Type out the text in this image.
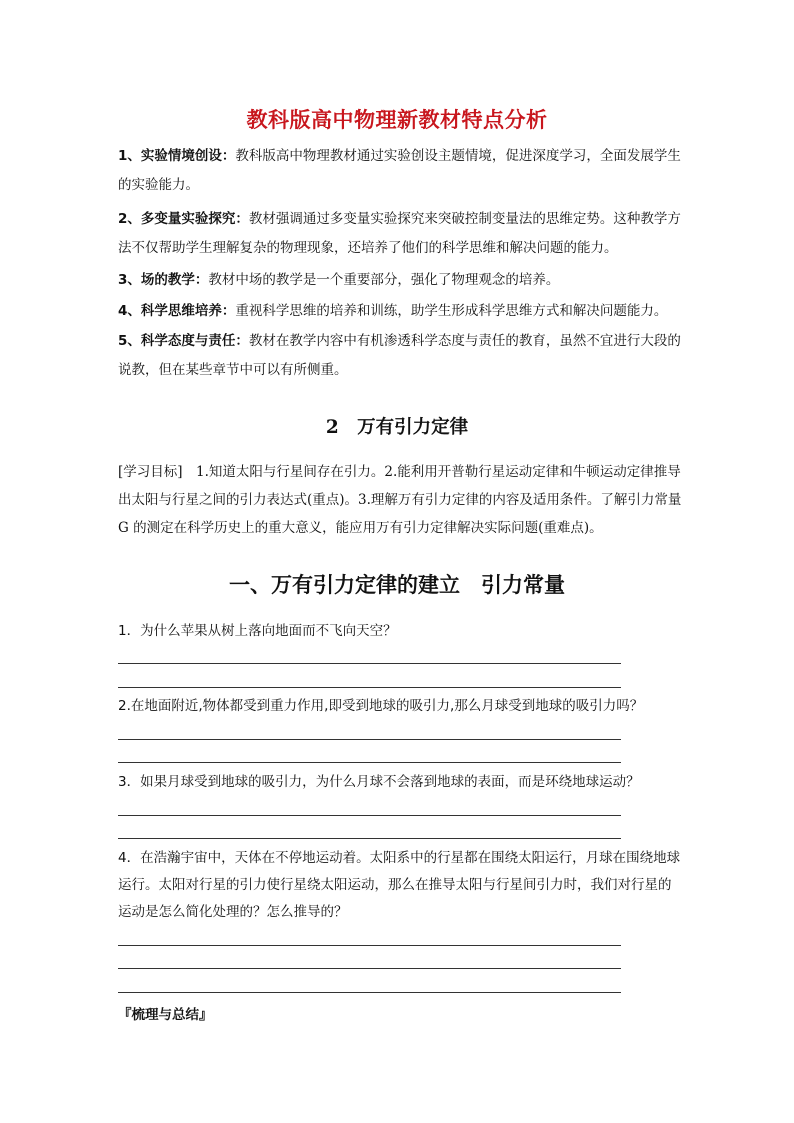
教科版高中物理新教材特点分析
1、实验情境创设：教科版高中物理教材通过实验创设主题情境，促进深度学习，全面发展学生的实验能力。
2、多变量实验探究：教材强调通过多变量实验探究来突破控制变量法的思维定势。这种教学方法不仅帮助学生理解复杂的物理现象，还培养了他们的科学思维和解决问题的能力。
3、场的教学：教材中场的教学是一个重要部分，强化了物理观念的培养。
4、科学思维培养：重视科学思维的培养和训练，助学生形成科学思维方式和解决问题能力。
5、科学态度与责任：教材在教学内容中有机渗透科学态度与责任的教育，虽然不宜进行大段的说教，但在某些章节中可以有所侧重。
2　万有引力定律
[学习目标]　1.知道太阳与行星间存在引力。2.能利用开普勒行星运动定律和牛顿运动定律推导出太阳与行星之间的引力表达式(重点)。3.理解万有引力定律的内容及适用条件。了解引力常量 G 的测定在科学历史上的重大意义，能应用万有引力定律解决实际问题(重难点)。
一、万有引力定律的建立　引力常量
1．为什么苹果从树上落向地面而不飞向天空？
2.在地面附近,物体都受到重力作用,即受到地球的吸引力,那么月球受到地球的吸引力吗？
3．如果月球受到地球的吸引力，为什么月球不会落到地球的表面，而是环绕地球运动？
4．在浩瀚宇宙中，天体在不停地运动着。太阳系中的行星都在围绕太阳运行，月球在围绕地球运行。太阳对行星的引力使行星绕太阳运动，那么在推导太阳与行星间引力时，我们对行星的运动是怎么简化处理的？怎么推导的？
『梳理与总结』
